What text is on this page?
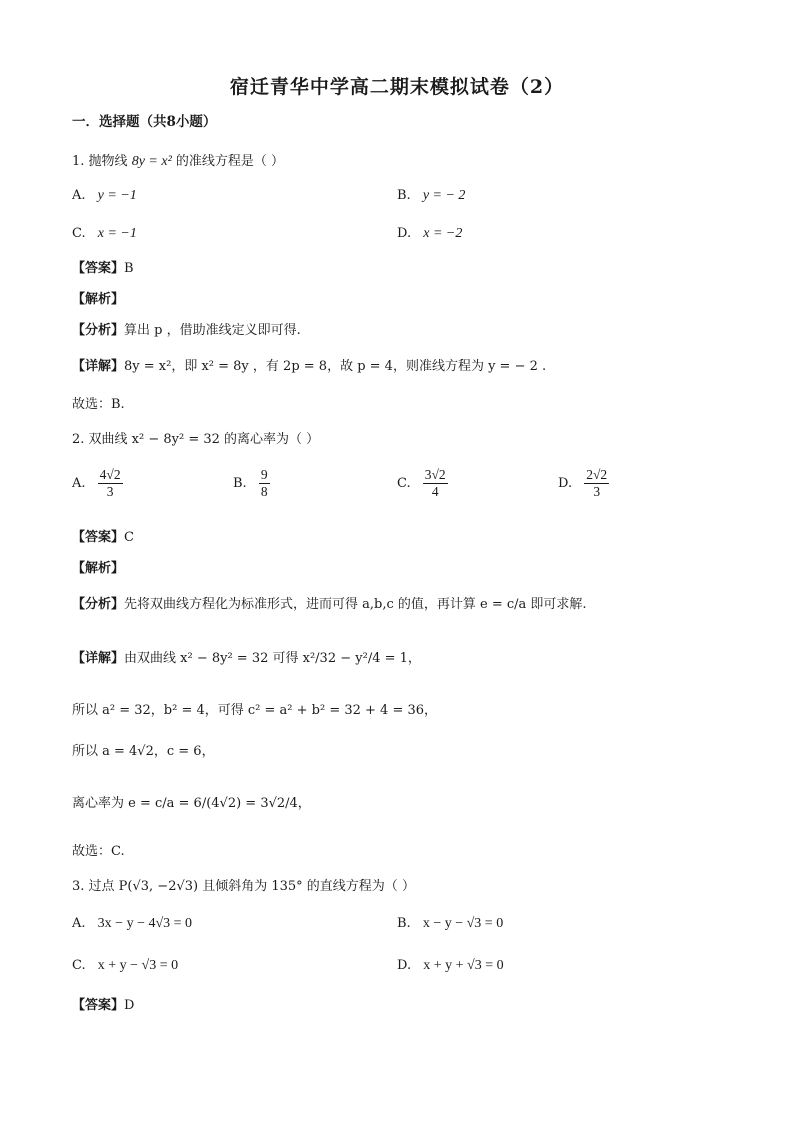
宿迁青华中学高二期末模拟试卷（2）
一．选择题（共8小题）
1. 抛物线 8y = x² 的准线方程是（ ）
A. y = −1	B. y = − 2
C. x = −1	D. x = −2
【答案】B
【解析】
【分析】算出 p ，借助准线定义即可得.
【详解】8y = x²，即 x² = 8y ，有 2p = 8，故 p = 4，则准线方程为 y = − 2 .
故选：B.
2. 双曲线 x² − 8y² = 32 的离心率为（ ）
A. $\frac{4√2}{3}$	B. $\frac{9}{8}$	C. $\frac{3√2}{4}$	D. $\frac{2√2}{3}$
【答案】C
【解析】
【分析】先将双曲线方程化为标准形式，进而可得 a,b,c 的值，再计算 e = c/a 即可求解.
【详解】由双曲线 x² − 8y² = 32 可得 x²/32 − y²/4 = 1，
所以 a² = 32，b² = 4，可得 c² = a² + b² = 32 + 4 = 36，
所以 a = 4√2，c = 6，
离心率为 e = c/a = 6/(4√2) = 3√2/4，
故选：C.
3. 过点 P(√3, −2√3) 且倾斜角为 135° 的直线方程为（ ）
A. 3x − y − 4√3 = 0	B. x − y − √3 = 0
C. x + y − √3 = 0	D. x + y + √3 = 0
【答案】D
